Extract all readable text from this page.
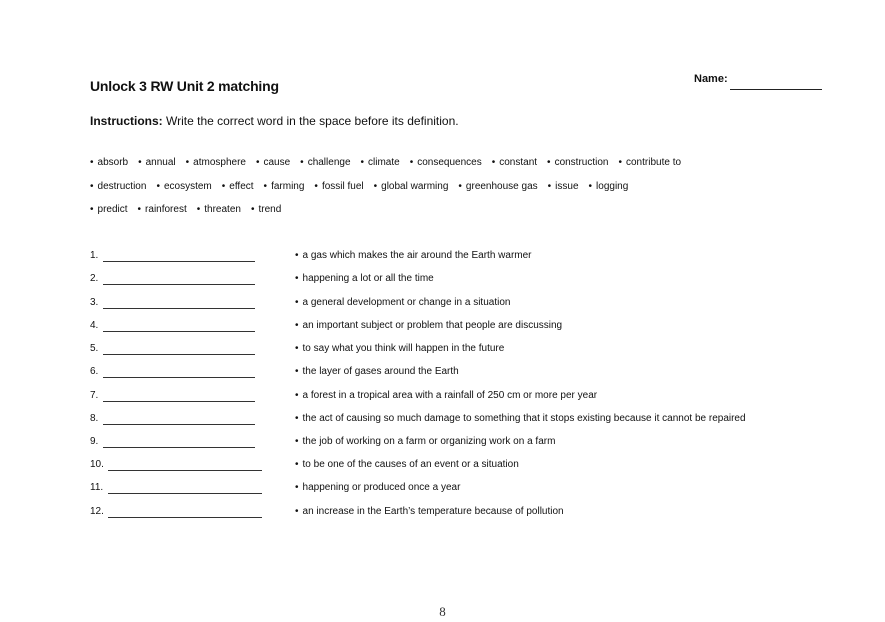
Unlock 3 RW Unit 2 matching	Name:
Instructions: Write the correct word in the space before its definition.
• absorb • annual • atmosphere • cause • challenge • climate • consequences • constant • construction • contribute to
• destruction • ecosystem • effect • farming • fossil fuel • global warming • greenhouse gas • issue • logging
• predict • rainforest • threaten • trend
1.	• a gas which makes the air around the Earth warmer
2.	• happening a lot or all the time
3.	• a general development or change in a situation
4.	• an important subject or problem that people are discussing
5.	• to say what you think will happen in the future
6.	• the layer of gases around the Earth
7.	• a forest in a tropical area with a rainfall of 250 cm or more per year
8.	• the act of causing so much damage to something that it stops existing because it cannot be repaired
9.	• the job of working on a farm or organizing work on a farm
10.	• to be one of the causes of an event or a situation
11.	• happening or produced once a year
12.	• an increase in the Earth’s temperature because of pollution
8
